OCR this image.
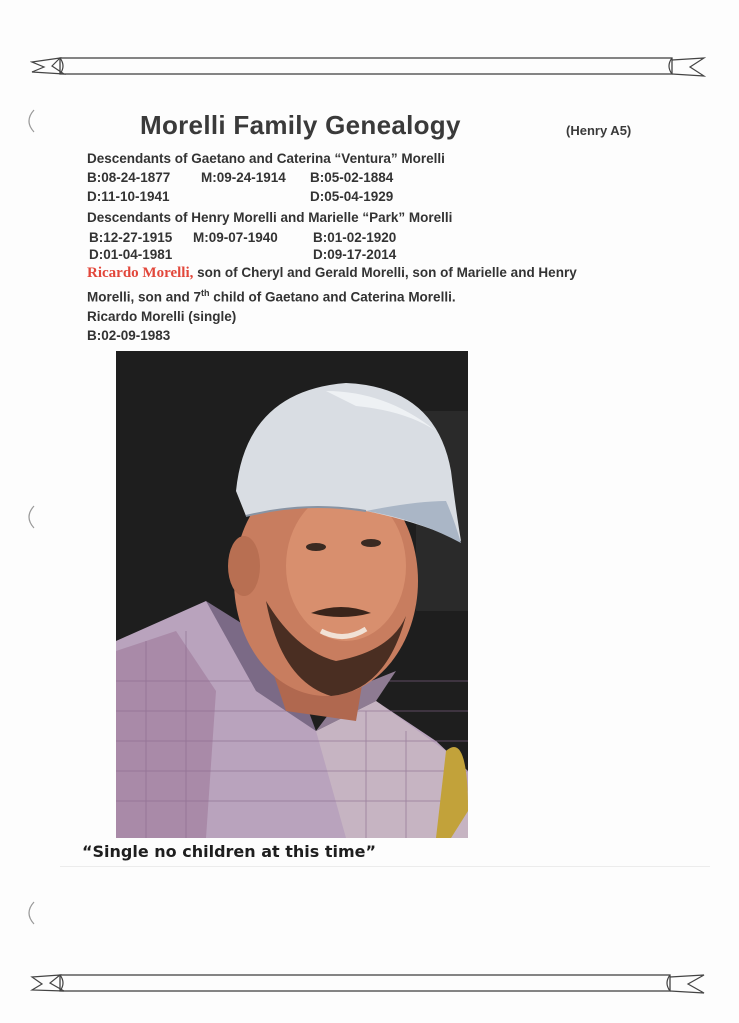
Morelli Family Genealogy	(Henry A5)
Descendants of Gaetano and Caterina “Ventura” Morelli
B:08-24-1877 M:09-24-1914 B:05-02-1884
D:11-10-1941	D:05-04-1929
Descendants of Henry Morelli and Marielle “Park” Morelli
B:12-27-1915 M:09-07-1940	B:01-02-1920
D:01-04-1981	D:09-17-2014
Ricardo Morelli, son of Cheryl and Gerald Morelli, son of Marielle and Henry
Morelli, son and 7th child of Gaetano and Caterina Morelli.
Ricardo Morelli (single)
B:02-09-1983
“Single no children at this time”
